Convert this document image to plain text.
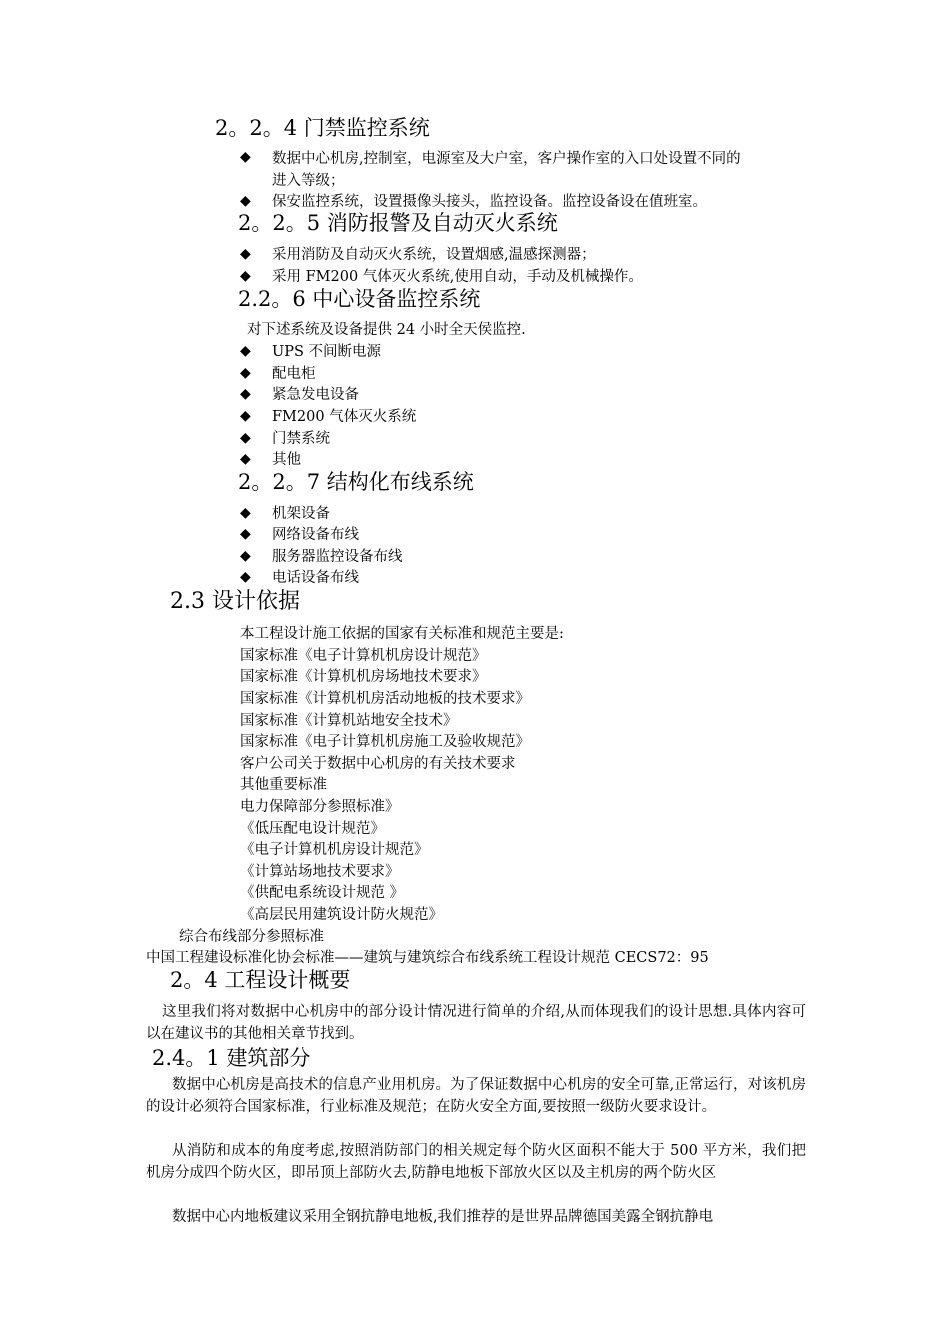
2。2。4 门禁监控系统
◆ 数据中心机房,控制室，电源室及大户室，客户操作室的入口处设置不同的
进入等级；
◆ 保安监控系统，设置摄像头接头，监控设备。监控设备设在值班室。
2。2。5 消防报警及自动灭火系统
◆ 采用消防及自动灭火系统，设置烟感,温感探测器；
◆ 采用 FM200 气体灭火系统,使用自动，手动及机械操作。
2.2。6 中心设备监控系统
对下述系统及设备提供 24 小时全天侯监控.
◆ UPS 不间断电源
◆ 配电柜
◆ 紧急发电设备
◆ FM200 气体灭火系统
◆ 门禁系统
◆ 其他
2。2。7 结构化布线系统
◆ 机架设备
◆ 网络设备布线
◆ 服务器监控设备布线
◆ 电话设备布线
2.3 设计依据
本工程设计施工依据的国家有关标准和规范主要是:
国家标准《电子计算机机房设计规范》
国家标准《计算机机房场地技术要求》
国家标准《计算机机房活动地板的技术要求》
国家标准《计算机站地安全技术》
国家标准《电子计算机机房施工及验收规范》
客户公司关于数据中心机房的有关技术要求
其他重要标准
电力保障部分参照标准》
《低压配电设计规范》
《电子计算机机房设计规范》
《计算站场地技术要求》
《供配电系统设计规范 》
《高层民用建筑设计防火规范》
综合布线部分参照标准
中国工程建设标准化协会标准——建筑与建筑综合布线系统工程设计规范 CECS72：95
2。4 工程设计概要
这里我们将对数据中心机房中的部分设计情况进行简单的介绍,从而体现我们的设计思想.具体内容可以在建议书的其他相关章节找到。
2.4。1 建筑部分
数据中心机房是高技术的信息产业用机房。为了保证数据中心机房的安全可靠,正常运行，对该机房的设计必须符合国家标准，行业标准及规范；在防火安全方面,要按照一级防火要求设计。
从消防和成本的角度考虑,按照消防部门的相关规定每个防火区面积不能大于 500 平方米，我们把机房分成四个防火区，即吊顶上部防火去,防静电地板下部放火区以及主机房的两个防火区
数据中心内地板建议采用全钢抗静电地板,我们推荐的是世界品牌德国美露全钢抗静电
